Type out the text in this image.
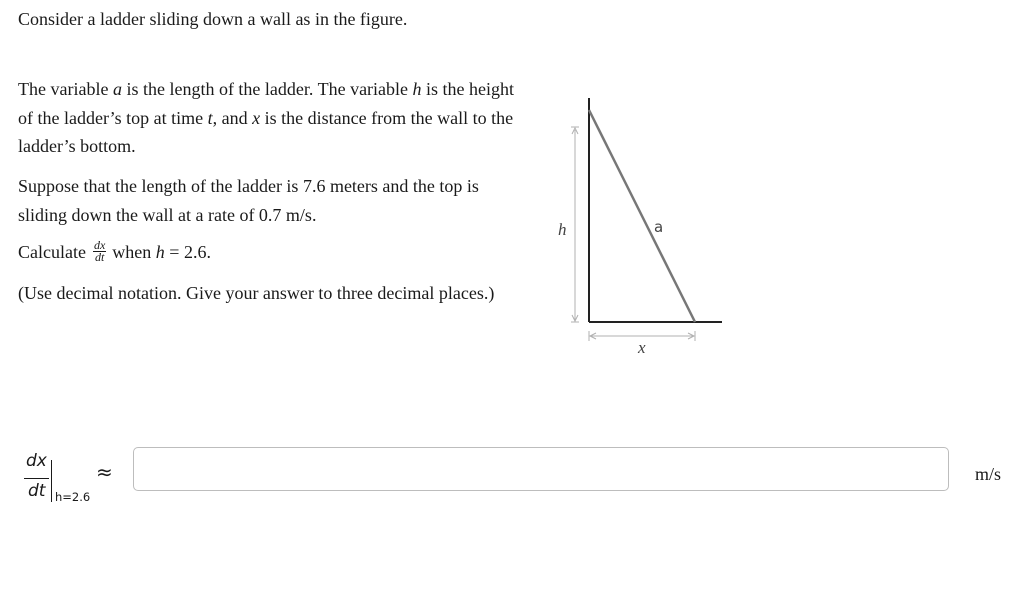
Consider a ladder sliding down a wall as in the figure.
The variable a is the length of the ladder. The variable h is the height of the ladder’s top at time t, and x is the distance from the wall to the ladder’s bottom.
Suppose that the length of the ladder is 7.6 meters and the top is sliding down the wall at a rate of 0.7 m/s.
Calculate $\frac{dx}{dt}$ when h = 2.6.
(Use decimal notation. Give your answer to three decimal places.)
h	a
x
dx
dt h=2.6
≈	m/s
